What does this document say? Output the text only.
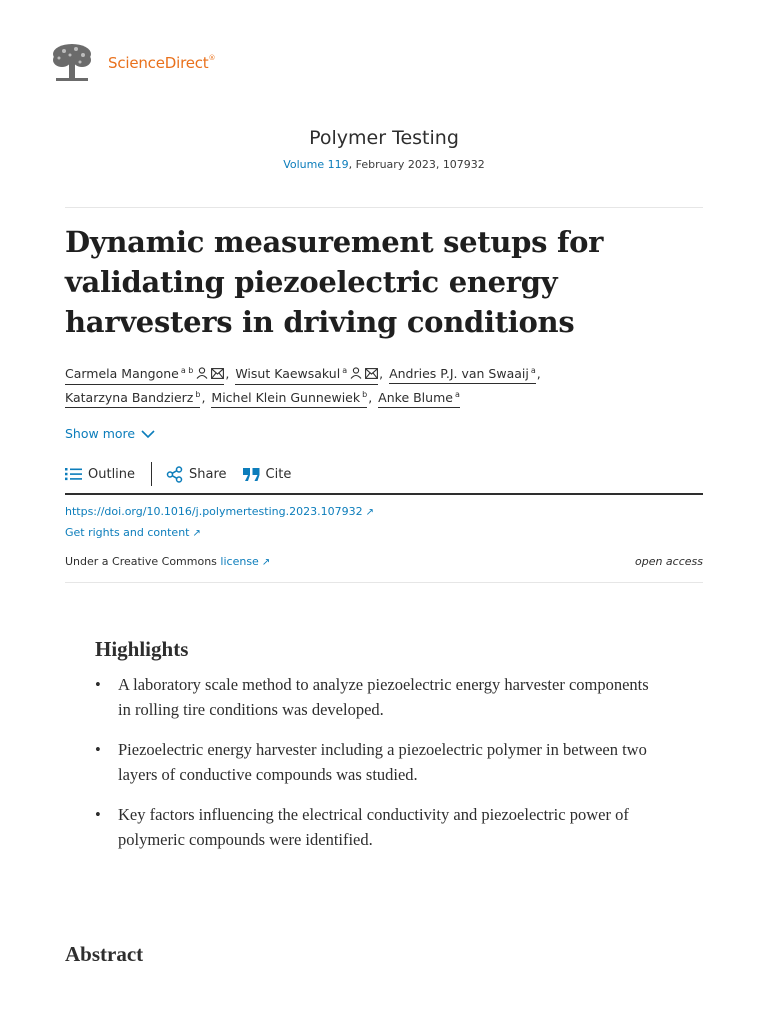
ScienceDirect®
Polymer Testing
Volume 119, February 2023, 107932
Dynamic measurement setups for validating piezoelectric energy harvesters in driving conditions
Carmela Mangone $^{a b}$	, Wisut Kaewsakul $^a$	, Andries P.J. van Swaaij $^a$,
Katarzyna Bandzierz $^b$, Michel Klein Gunnewiek $^b$, Anke Blume $^a$
Show more
Outline	Share	Cite
https://doi.org/10.1016/j.polymertesting.2023.107932 ↗
Get rights and content ↗
Under a Creative Commons license ↗	open access
Highlights
• A laboratory scale method to analyze piezoelectric energy harvester components in rolling tire conditions was developed.
• Piezoelectric energy harvester including a piezoelectric polymer in between two layers of conductive compounds was studied.
• Key factors influencing the electrical conductivity and piezoelectric power of polymeric compounds were identified.
Abstract
